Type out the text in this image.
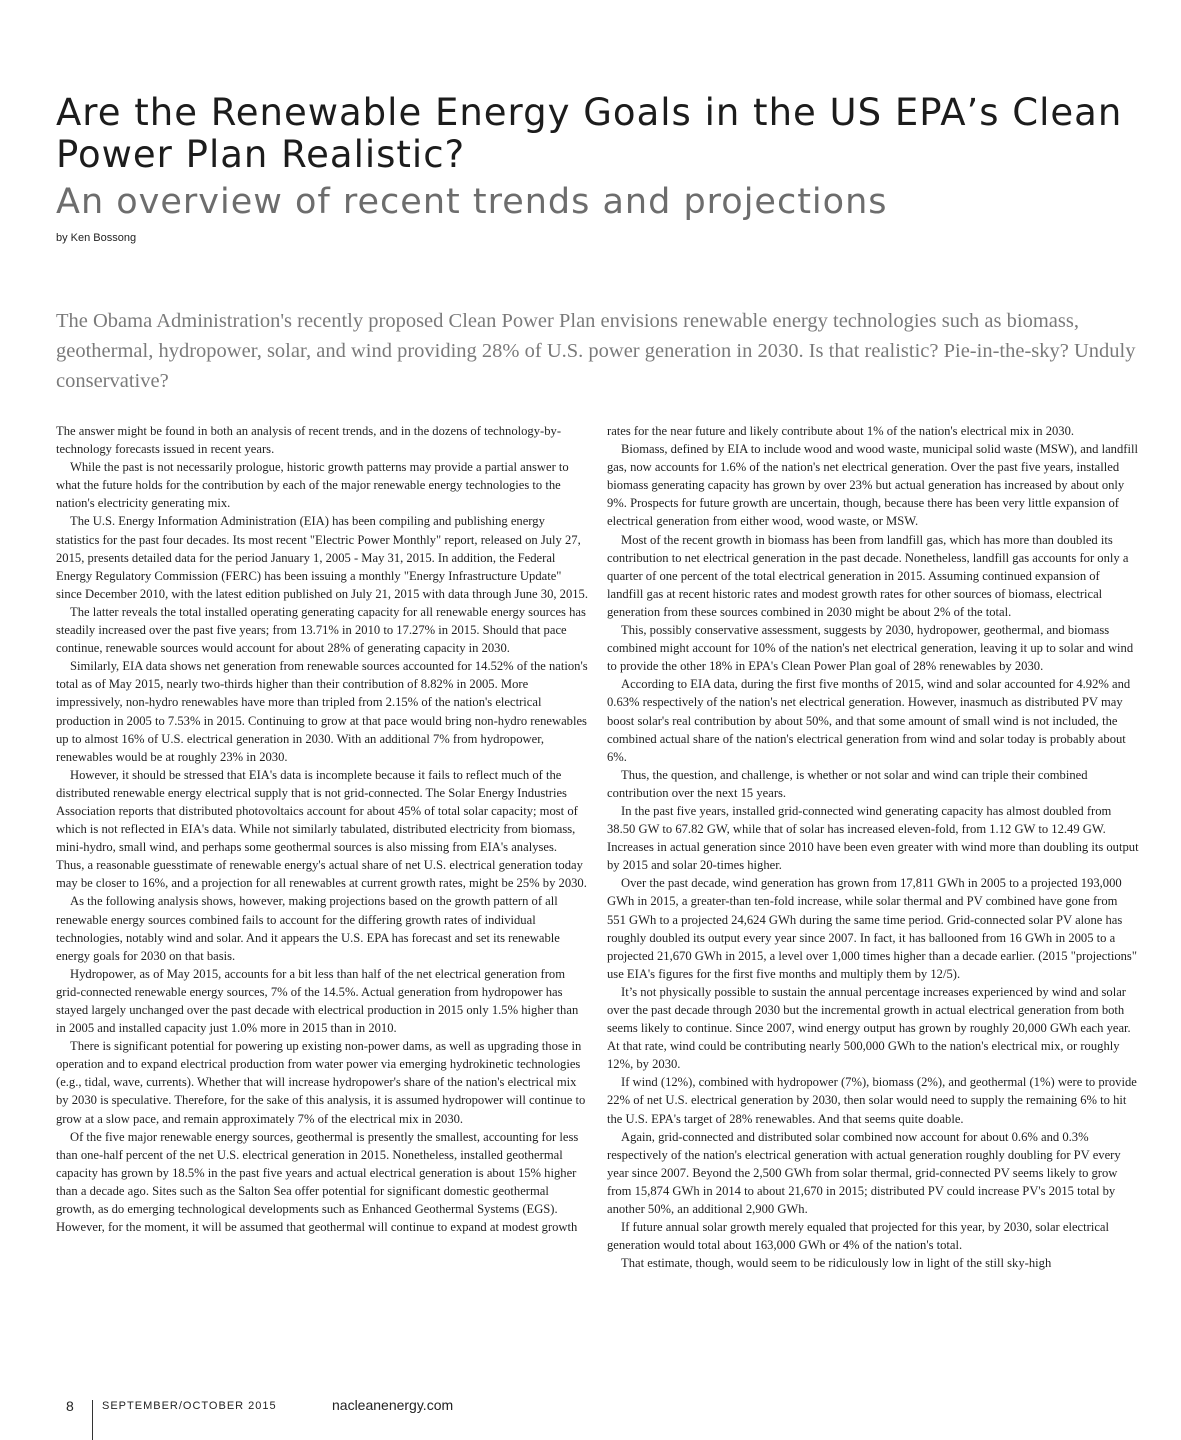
Are the Renewable Energy Goals in the US EPA’s Clean Power Plan Realistic?
An overview of recent trends and projections
by Ken Bossong

The Obama Administration's recently proposed Clean Power Plan envisions renewable energy technologies such as biomass, geothermal, hydropower, solar, and wind providing 28% of U.S. power generation in 2030. Is that realistic? Pie-in-the-sky? Unduly conservative?

The answer might be found in both an analysis of recent trends, and in the dozens of technology-by-technology forecasts issued in recent years.

While the past is not necessarily prologue, historic growth patterns may provide a partial answer to what the future holds for the contribution by each of the major renewable energy technologies to the nation's electricity generating mix.

The U.S. Energy Information Administration (EIA) has been compiling and publishing energy statistics for the past four decades. Its most recent "Electric Power Monthly" report, released on July 27, 2015, presents detailed data for the period January 1, 2005 - May 31, 2015. In addition, the Federal Energy Regulatory Commission (FERC) has been issuing a monthly "Energy Infrastructure Update" since December 2010, with the latest edition published on July 21, 2015 with data through June 30, 2015.

The latter reveals the total installed operating generating capacity for all renewable energy sources has steadily increased over the past five years; from 13.71% in 2010 to 17.27% in 2015. Should that pace continue, renewable sources would account for about 28% of generating capacity in 2030.

Similarly, EIA data shows net generation from renewable sources accounted for 14.52% of the nation's total as of May 2015, nearly two-thirds higher than their contribution of 8.82% in 2005. More impressively, non-hydro renewables have more than tripled from 2.15% of the nation's electrical production in 2005 to 7.53% in 2015. Continuing to grow at that pace would bring non-hydro renewables up to almost 16% of U.S. electrical generation in 2030. With an additional 7% from hydropower, renewables would be at roughly 23% in 2030.

However, it should be stressed that EIA's data is incomplete because it fails to reflect much of the distributed renewable energy electrical supply that is not grid-connected. The Solar Energy Industries Association reports that distributed photovoltaics account for about 45% of total solar capacity; most of which is not reflected in EIA's data. While not similarly tabulated, distributed electricity from biomass, mini-hydro, small wind, and perhaps some geothermal sources is also missing from EIA's analyses. Thus, a reasonable guesstimate of renewable energy's actual share of net U.S. electrical generation today may be closer to 16%, and a projection for all renewables at current growth rates, might be 25% by 2030.

As the following analysis shows, however, making projections based on the growth pattern of all renewable energy sources combined fails to account for the differing growth rates of individual technologies, notably wind and solar. And it appears the U.S. EPA has forecast and set its renewable energy goals for 2030 on that basis.

Hydropower, as of May 2015, accounts for a bit less than half of the net electrical generation from grid-connected renewable energy sources, 7% of the 14.5%. Actual generation from hydropower has stayed largely unchanged over the past decade with electrical production in 2015 only 1.5% higher than in 2005 and installed capacity just 1.0% more in 2015 than in 2010.

There is significant potential for powering up existing non-power dams, as well as upgrading those in operation and to expand electrical production from water power via emerging hydrokinetic technologies (e.g., tidal, wave, currents). Whether that will increase hydropower's share of the nation's electrical mix by 2030 is speculative. Therefore, for the sake of this analysis, it is assumed hydropower will continue to grow at a slow pace, and remain approximately 7% of the electrical mix in 2030.

Of the five major renewable energy sources, geothermal is presently the smallest, accounting for less than one-half percent of the net U.S. electrical generation in 2015. Nonetheless, installed geothermal capacity has grown by 18.5% in the past five years and actual electrical generation is about 15% higher than a decade ago. Sites such as the Salton Sea offer potential for significant domestic geothermal growth, as do emerging technological developments such as Enhanced Geothermal Systems (EGS). However, for the moment, it will be assumed that geothermal will continue to expand at modest growth

rates for the near future and likely contribute about 1% of the nation's electrical mix in 2030.

Biomass, defined by EIA to include wood and wood waste, municipal solid waste (MSW), and landfill gas, now accounts for 1.6% of the nation's net electrical generation. Over the past five years, installed biomass generating capacity has grown by over 23% but actual generation has increased by about only 9%. Prospects for future growth are uncertain, though, because there has been very little expansion of electrical generation from either wood, wood waste, or MSW.

Most of the recent growth in biomass has been from landfill gas, which has more than doubled its contribution to net electrical generation in the past decade. Nonetheless, landfill gas accounts for only a quarter of one percent of the total electrical generation in 2015. Assuming continued expansion of landfill gas at recent historic rates and modest growth rates for other sources of biomass, electrical generation from these sources combined in 2030 might be about 2% of the total.

This, possibly conservative assessment, suggests by 2030, hydropower, geothermal, and biomass combined might account for 10% of the nation's net electrical generation, leaving it up to solar and wind to provide the other 18% in EPA's Clean Power Plan goal of 28% renewables by 2030.

According to EIA data, during the first five months of 2015, wind and solar accounted for 4.92% and 0.63% respectively of the nation's net electrical generation. However, inasmuch as distributed PV may boost solar's real contribution by about 50%, and that some amount of small wind is not included, the combined actual share of the nation's electrical generation from wind and solar today is probably about 6%.

Thus, the question, and challenge, is whether or not solar and wind can triple their combined contribution over the next 15 years.

In the past five years, installed grid-connected wind generating capacity has almost doubled from 38.50 GW to 67.82 GW, while that of solar has increased eleven-fold, from 1.12 GW to 12.49 GW. Increases in actual generation since 2010 have been even greater with wind more than doubling its output by 2015 and solar 20-times higher.

Over the past decade, wind generation has grown from 17,811 GWh in 2005 to a projected 193,000 GWh in 2015, a greater-than ten-fold increase, while solar thermal and PV combined have gone from 551 GWh to a projected 24,624 GWh during the same time period. Grid-connected solar PV alone has roughly doubled its output every year since 2007. In fact, it has ballooned from 16 GWh in 2005 to a projected 21,670 GWh in 2015, a level over 1,000 times higher than a decade earlier. (2015 "projections" use EIA's figures for the first five months and multiply them by 12/5).

It’s not physically possible to sustain the annual percentage increases experienced by wind and solar over the past decade through 2030 but the incremental growth in actual electrical generation from both seems likely to continue. Since 2007, wind energy output has grown by roughly 20,000 GWh each year. At that rate, wind could be contributing nearly 500,000 GWh to the nation's electrical mix, or roughly 12%, by 2030.

If wind (12%), combined with hydropower (7%), biomass (2%), and geothermal (1%) were to provide 22% of net U.S. electrical generation by 2030, then solar would need to supply the remaining 6% to hit the U.S. EPA's target of 28% renewables. And that seems quite doable.

Again, grid-connected and distributed solar combined now account for about 0.6% and 0.3% respectively of the nation's electrical generation with actual generation roughly doubling for PV every year since 2007. Beyond the 2,500 GWh from solar thermal, grid-connected PV seems likely to grow from 15,874 GWh in 2014 to about 21,670 in 2015; distributed PV could increase PV's 2015 total by another 50%, an additional 2,900 GWh.

If future annual solar growth merely equaled that projected for this year, by 2030, solar electrical generation would total about 163,000 GWh or 4% of the nation's total.

That estimate, though, would seem to be ridiculously low in light of the still sky-high

8	SEPTEMBER/OCTOBER 2015	nacleanenergy.com
